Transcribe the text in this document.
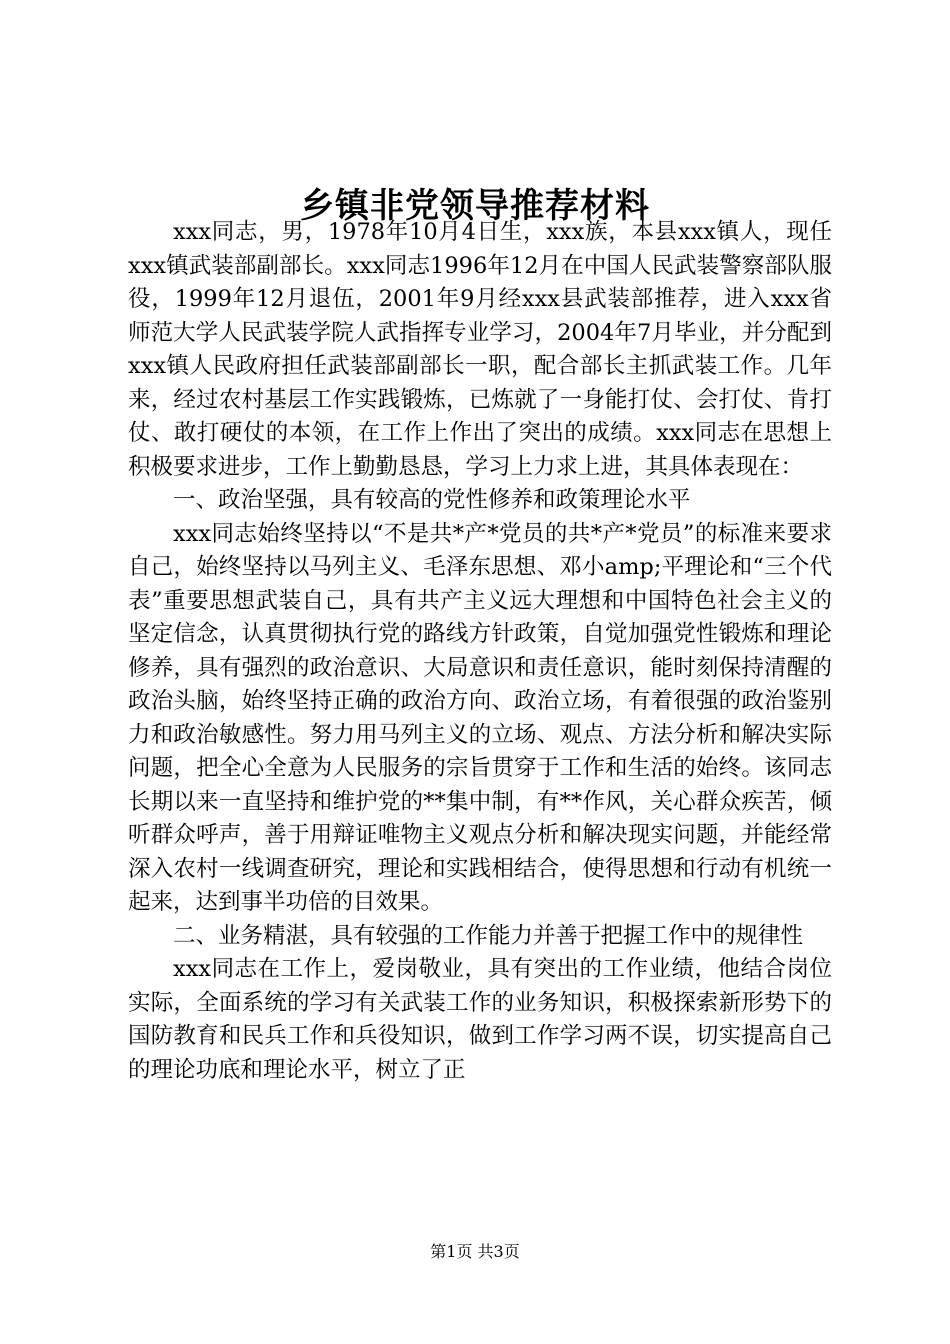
乡镇非党领导推荐材料

xxx同志，男，1978年10月4日生，xxx族，本县xxx镇人，现任xxx镇武装部副部长。xxx同志1996年12月在中国人民武装警察部队服役，1999年12月退伍，2001年9月经xxx县武装部推荐，进入xxx省师范大学人民武装学院人武指挥专业学习，2004年7月毕业，并分配到xxx镇人民政府担任武装部副部长一职，配合部长主抓武装工作。几年来，经过农村基层工作实践锻炼，已炼就了一身能打仗、会打仗、肯打仗、敢打硬仗的本领，在工作上作出了突出的成绩。xxx同志在思想上积极要求进步，工作上勤勤恳恳，学习上力求上进，其具体表现在：

一、政治坚强，具有较高的党性修养和政策理论水平

xxx同志始终坚持以“不是共*产*党员的共*产*党员”的标准来要求自己，始终坚持以马列主义、毛泽东思想、邓小amp;平理论和“三个代表”重要思想武装自己，具有共产主义远大理想和中国特色社会主义的坚定信念，认真贯彻执行党的路线方针政策，自觉加强党性锻炼和理论修养，具有强烈的政治意识、大局意识和责任意识，能时刻保持清醒的政治头脑，始终坚持正确的政治方向、政治立场，有着很强的政治鉴别力和政治敏感性。努力用马列主义的立场、观点、方法分析和解决实际问题，把全心全意为人民服务的宗旨贯穿于工作和生活的始终。该同志长期以来一直坚持和维护党的**集中制，有**作风，关心群众疾苦，倾听群众呼声，善于用辩证唯物主义观点分析和解决现实问题，并能经常深入农村一线调查研究，理论和实践相结合，使得思想和行动有机统一起来，达到事半功倍的目效果。

二、业务精湛，具有较强的工作能力并善于把握工作中的规律性

xxx同志在工作上，爱岗敬业，具有突出的工作业绩，他结合岗位实际，全面系统的学习有关武装工作的业务知识，积极探索新形势下的国防教育和民兵工作和兵役知识，做到工作学习两不误，切实提高自己的理论功底和理论水平，树立了正

第1页 共3页
